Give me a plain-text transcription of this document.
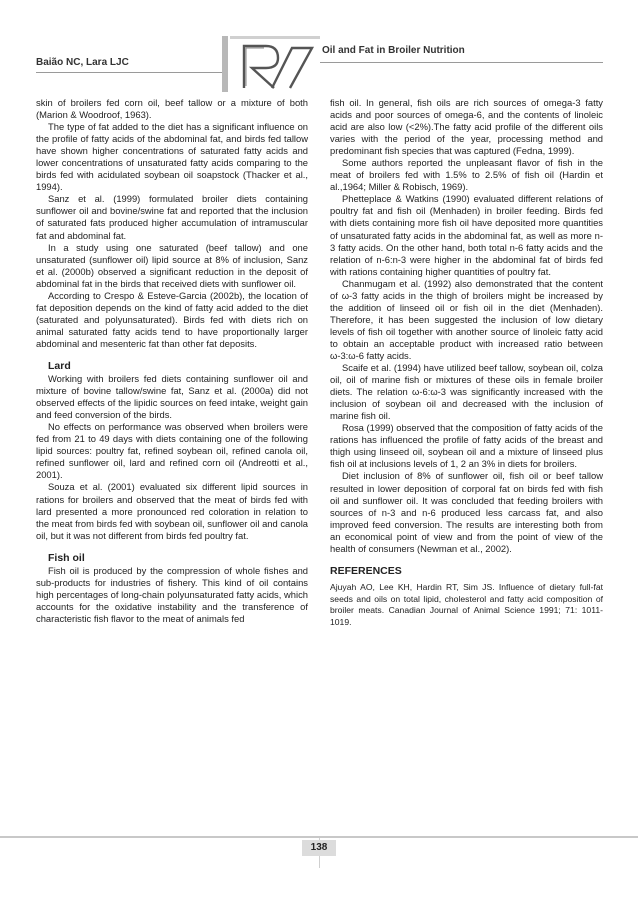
Baião NC, Lara LJC
Oil and Fat in Broiler Nutrition

skin of broilers fed corn oil, beef tallow or a mixture of both (Marion & Woodroof, 1963).

The type of fat added to the diet has a significant influence on the profile of fatty acids of the abdominal fat, and birds fed tallow have shown higher concentrations of saturated fatty acids and lower concentrations of unsaturated fatty acids comparing to the birds fed with acidulated soybean oil soapstock (Thacker et al., 1994).

Sanz et al. (1999) formulated broiler diets containing sunflower oil and bovine/swine fat and reported that the inclusion of saturated fats produced higher accumulation of intramuscular fat and abdominal fat.

In a study using one saturated (beef tallow) and one unsaturated (sunflower oil) lipid source at 8% of inclusion, Sanz et al. (2000b) observed a significant reduction in the deposit of abdominal fat in the birds that received diets with sunflower oil.

According to Crespo & Esteve-Garcia (2002b), the location of fat deposition depends on the kind of fatty acid added to the diet (saturated and polyunsaturated). Birds fed with diets rich on animal saturated fatty acids tend to have proportionally larger abdominal and mesenteric fat than other fat deposits.

Lard

Working with broilers fed diets containing sunflower oil and mixture of bovine tallow/swine fat, Sanz et al. (2000a) did not observed effects of the lipidic sources on feed intake, weight gain and feed conversion of the birds.

No effects on performance was observed when broilers were fed from 21 to 49 days with diets containing one of the following lipid sources: poultry fat, refined soybean oil, refined canola oil, refined sunflower oil, lard and refined corn oil (Andreotti et al., 2001).

Souza et al. (2001) evaluated six different lipid sources in rations for broilers and observed that the meat of birds fed with lard presented a more pronounced red coloration in relation to the meat from birds fed with soybean oil, sunflower oil and canola oil, but it was not different from birds fed poultry fat.

Fish oil

Fish oil is produced by the compression of whole fishes and sub-products for industries of fishery. This kind of oil contains high percentages of long-chain polyunsaturated fatty acids, which accounts for the oxidative instability and the transference of characteristic fish flavor to the meat of animals fed

fish oil. In general, fish oils are rich sources of omega-3 fatty acids and poor sources of omega-6, and the contents of linoleic acid are also low (<2%).The fatty acid profile of the different oils varies with the period of the year, processing method and predominant fish species that was captured (Fedna, 1999).

Some authors reported the unpleasant flavor of fish in the meat of broilers fed with 1.5% to 2.5% of fish oil (Hardin et al.,1964; Miller & Robisch, 1969).

Phetteplace & Watkins (1990) evaluated different relations of poultry fat and fish oil (Menhaden) in broiler feeding. Birds fed with diets containing more fish oil have deposited more quantities of unsaturated fatty acids in the abdominal fat, as well as more n-3 fatty acids. On the other hand, both total n-6 fatty acids and the relation of n-6:n-3 were higher in the abdominal fat of birds fed with rations containing higher quantities of poultry fat.

Chanmugam et al. (1992) also demonstrated that the content of ω-3 fatty acids in the thigh of broilers might be increased by the addition of linseed oil or fish oil in the diet (Menhaden). Therefore, it has been suggested the inclusion of low dietary levels of fish oil together with another source of linoleic fatty acid to obtain an acceptable product with increased ratio between ω-3:ω-6 fatty acids.

Scaife et al. (1994) have utilized beef tallow, soybean oil, colza oil, oil of marine fish or mixtures of these oils in female broiler diets. The relation ω-6:ω-3 was significantly increased with the inclusion of soybean oil and decreased with the inclusion of marine fish oil.

Rosa (1999) observed that the composition of fatty acids of the rations has influenced the profile of fatty acids of the breast and thigh using linseed oil, soybean oil and a mixture of linseed plus fish oil at inclusions levels of 1, 2 an 3% in diets for broilers.

Diet inclusion of 8% of sunflower oil, fish oil or beef tallow resulted in lower deposition of corporal fat on birds fed with fish oil and sunflower oil. It was concluded that feeding broilers with sources of n-3 and n-6 produced less carcass fat, and also improved feed conversion. The results are interesting both from an economical point of view and from the point of view of the health of consumers (Newman et al., 2002).

REFERENCES

Ajuyah AO, Lee KH, Hardin RT, Sim JS. Influence of dietary full-fat seeds and oils on total lipid, cholesterol and fatty acid composition of broiler meats. Canadian Journal of Animal Science 1991; 71: 1011-1019.

138
